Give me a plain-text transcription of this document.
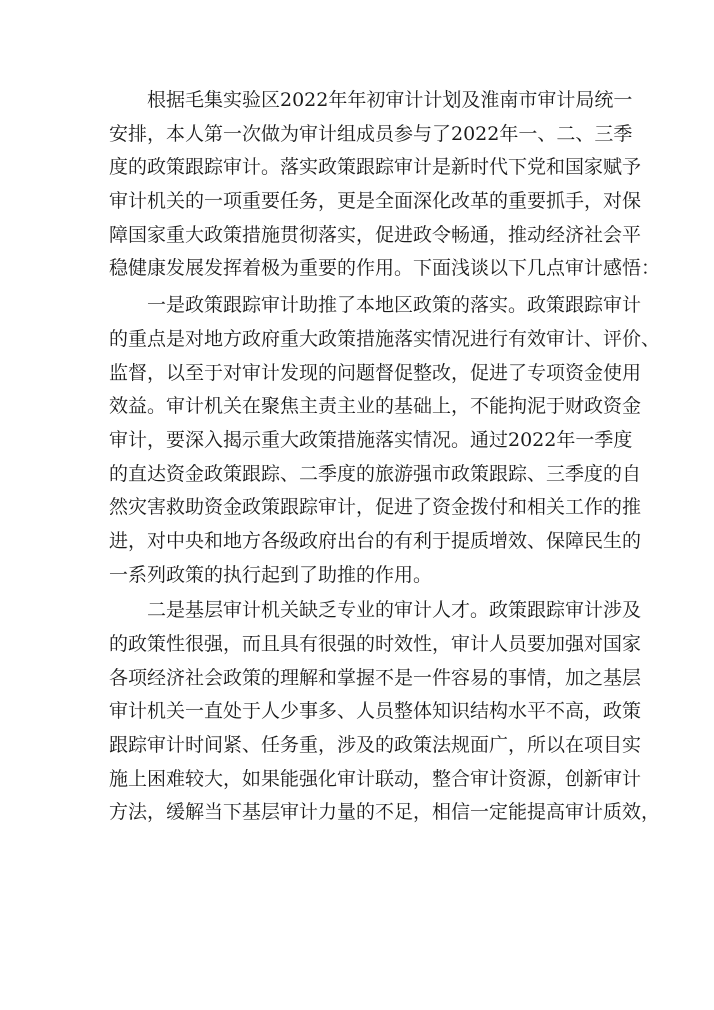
根据毛集实验区2022年年初审计计划及淮南市审计局统一
安排，本人第一次做为审计组成员参与了2022年一、二、三季
度的政策跟踪审计。落实政策跟踪审计是新时代下党和国家赋予
审计机关的一项重要任务，更是全面深化改革的重要抓手，对保
障国家重大政策措施贯彻落实，促进政令畅通，推动经济社会平
稳健康发展发挥着极为重要的作用。下面浅谈以下几点审计感悟：
一是政策跟踪审计助推了本地区政策的落实。政策跟踪审计
的重点是对地方政府重大政策措施落实情况进行有效审计、评价、
监督，以至于对审计发现的问题督促整改，促进了专项资金使用
效益。审计机关在聚焦主责主业的基础上，不能拘泥于财政资金
审计，要深入揭示重大政策措施落实情况。通过2022年一季度
的直达资金政策跟踪、二季度的旅游强市政策跟踪、三季度的自
然灾害救助资金政策跟踪审计，促进了资金拨付和相关工作的推
进，对中央和地方各级政府出台的有利于提质增效、保障民生的
一系列政策的执行起到了助推的作用。
二是基层审计机关缺乏专业的审计人才。政策跟踪审计涉及
的政策性很强，而且具有很强的时效性，审计人员要加强对国家
各项经济社会政策的理解和掌握不是一件容易的事情，加之基层
审计机关一直处于人少事多、人员整体知识结构水平不高，政策
跟踪审计时间紧、任务重，涉及的政策法规面广，所以在项目实
施上困难较大，如果能强化审计联动，整合审计资源，创新审计
方法，缓解当下基层审计力量的不足，相信一定能提高审计质效，
